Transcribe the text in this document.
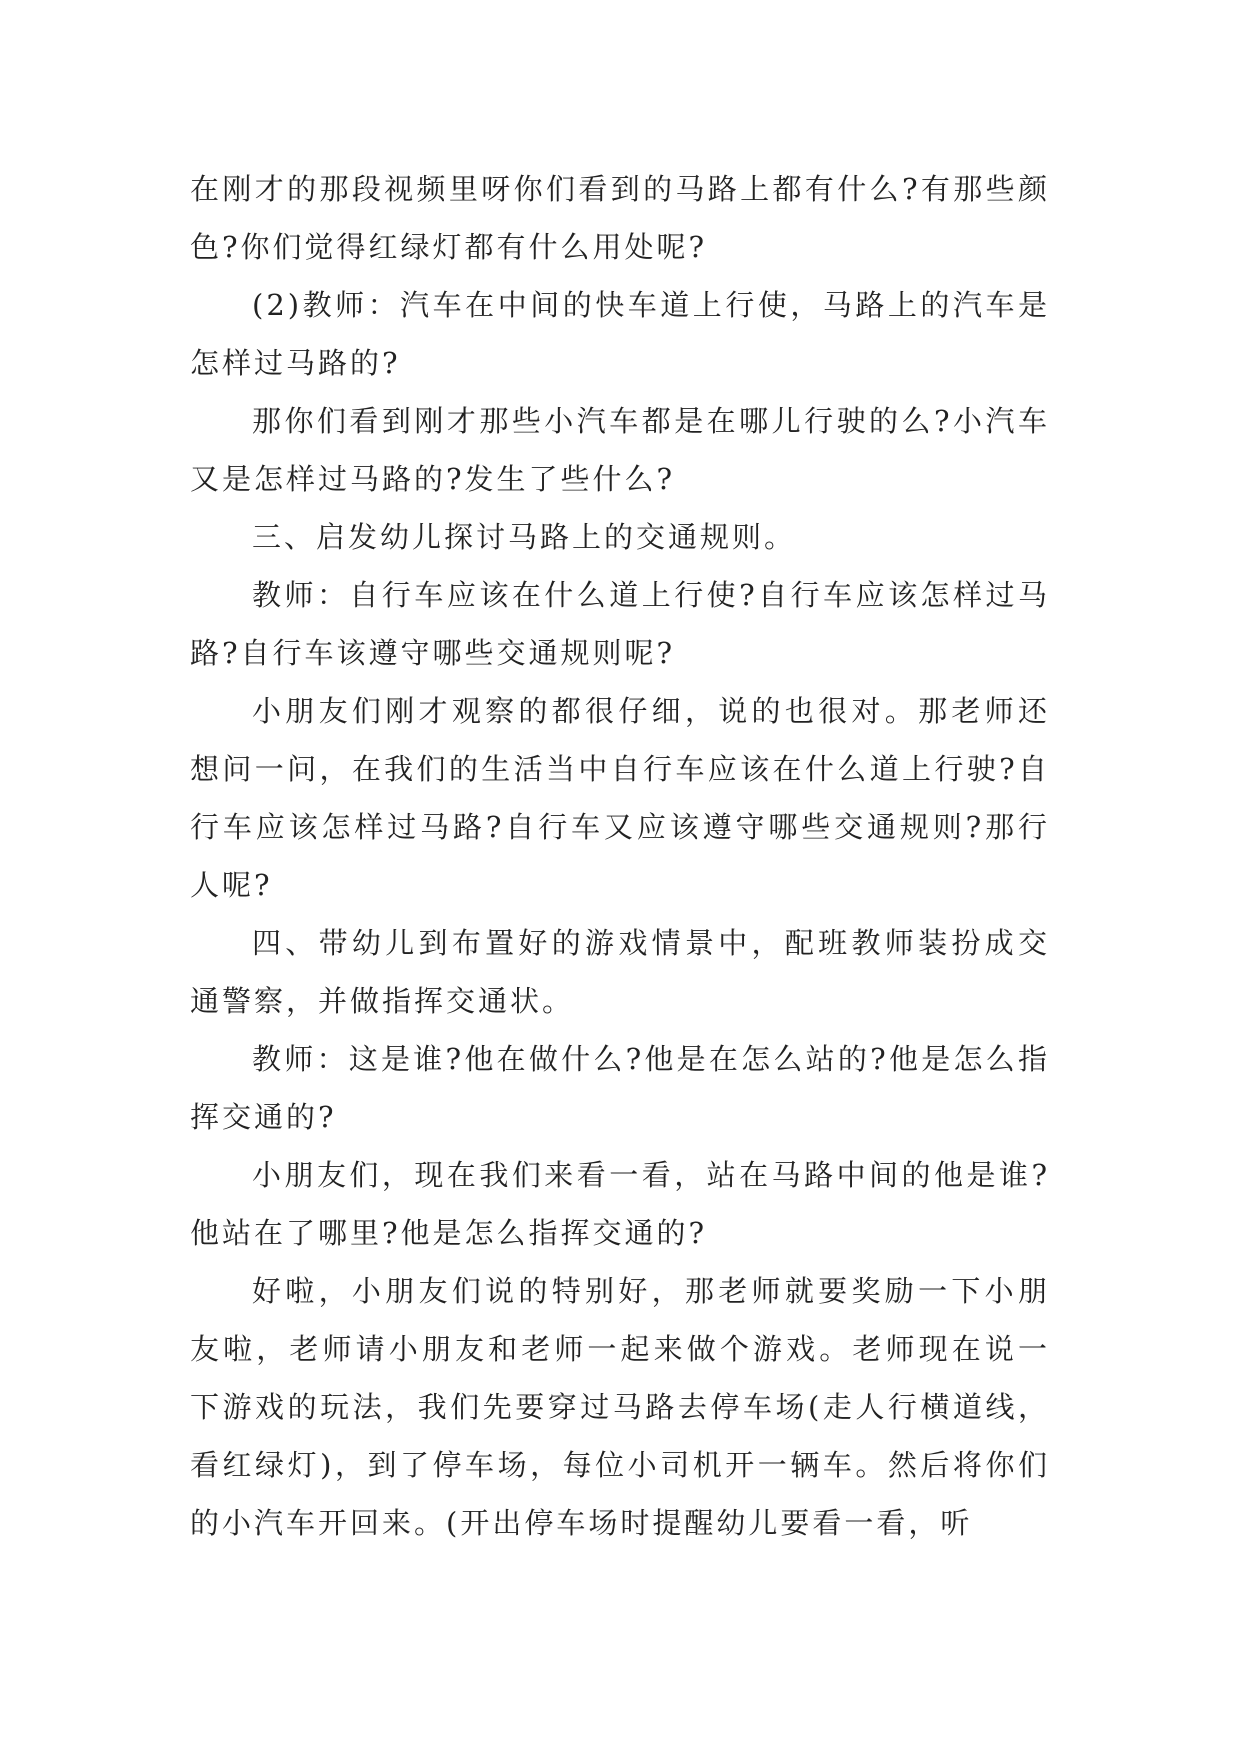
在刚才的那段视频里呀你们看到的马路上都有什么?有那些颜色?你们觉得红绿灯都有什么用处呢?

(2)教师：汽车在中间的快车道上行使，马路上的汽车是怎样过马路的?

那你们看到刚才那些小汽车都是在哪儿行驶的么?小汽车又是怎样过马路的?发生了些什么?

三、启发幼儿探讨马路上的交通规则。

教师：自行车应该在什么道上行使?自行车应该怎样过马路?自行车该遵守哪些交通规则呢?

小朋友们刚才观察的都很仔细，说的也很对。那老师还想问一问，在我们的生活当中自行车应该在什么道上行驶?自行车应该怎样过马路?自行车又应该遵守哪些交通规则?那行人呢?

四、带幼儿到布置好的游戏情景中，配班教师装扮成交通警察，并做指挥交通状。

教师：这是谁?他在做什么?他是在怎么站的?他是怎么指挥交通的?

小朋友们，现在我们来看一看，站在马路中间的他是谁?他站在了哪里?他是怎么指挥交通的?

好啦，小朋友们说的特别好，那老师就要奖励一下小朋友啦，老师请小朋友和老师一起来做个游戏。老师现在说一下游戏的玩法，我们先要穿过马路去停车场(走人行横道线，看红绿灯)，到了停车场，每位小司机开一辆车。然后将你们的小汽车开回来。(开出停车场时提醒幼儿要看一看，听
